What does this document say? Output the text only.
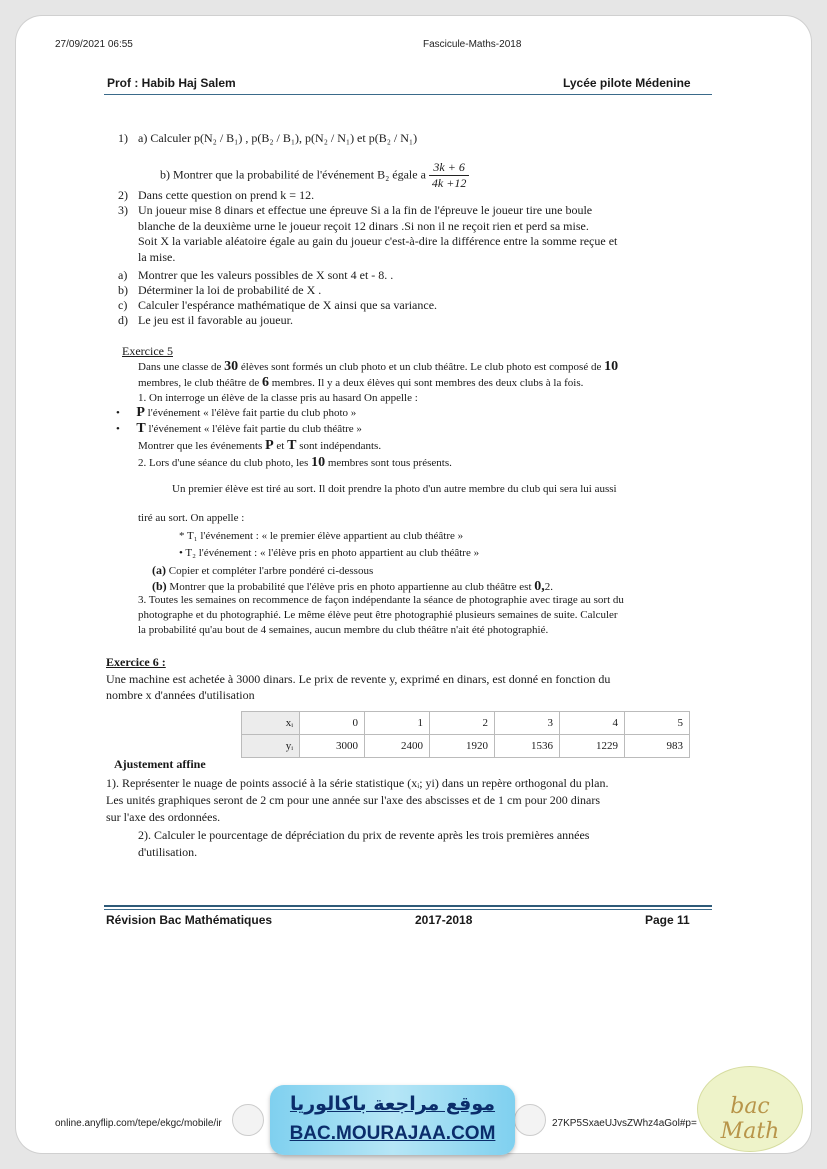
27/09/2021 06:55	Fascicule-Maths-2018
Prof : Habib Haj Salem	Lycée pilote Médenine
1) a) Calculer p(N₂ / B₁) , p(B₂ / B₁), p(N₂ / N₁) et p(B₂ / N₁)
b) Montrer que la probabilité de l'événement B₂ égale a $\frac{3k + 6}{4k +12}$
2) Dans cette question on prend k = 12.
3) Un joueur mise 8 dinars et effectue une épreuve Si a la fin de l'épreuve le joueur tire une boule
blanche de la deuxième urne le joueur reçoit 12 dinars .Si non il ne reçoit rien et perd sa mise.
Soit X la variable aléatoire égale au gain du joueur c'est-à-dire la différence entre la somme reçue et
la mise.
a) Montrer que les valeurs possibles de X sont 4 et - 8. .
b) Déterminer la loi de probabilité de X .
c) Calculer l'espérance mathématique de X ainsi que sa variance.
d) Le jeu est il favorable au joueur.
Exercice 5
Dans une classe de 30 élèves sont formés un club photo et un club théâtre. Le club photo est composé de 10
membres, le club théâtre de 6 membres. Il y a deux élèves qui sont membres des deux clubs à la fois.
1. On interroge un élève de la classe pris au hasard On appelle :
•      P l'événement « l'élève fait partie du club photo »
•      T l'événement « l'élève fait partie du club théâtre »
Montrer que les événements P et T sont indépendants.
2. Lors d'une séance du club photo, les 10 membres sont tous présents.
Un premier élève est tiré au sort. Il doit prendre la photo d'un autre membre du club qui sera lui aussi
tiré au sort. On appelle :
* T₁ l'événement : « le premier élève appartient au club théâtre »
• T₂ l'événement : « l'élève pris en photo appartient au club théâtre »
(a) Copier et compléter l'arbre pondéré ci-dessous
(b) Montrer que la probabilité que l'élève pris en photo appartienne au club théâtre est 0,2.
3. Toutes les semaines on recommence de façon indépendante la séance de photographie avec tirage au sort du
photographe et du photographié. Le même élève peut être photographié plusieurs semaines de suite. Calculer
la probabilité qu'au bout de 4 semaines, aucun membre du club théâtre n'ait été photographié.
Exercice 6 :
Une machine est achetée à 3000 dinars. Le prix de revente y, exprimé en dinars, est donné en fonction du
nombre x d'années d'utilisation
xᵢ	0	1	2	3	4	5
yᵢ	3000	2400	1920	1536	1229	983
Ajustement affine
1). Représenter le nuage de points associé à la série statistique (xᵢ; yi) dans un repère orthogonal du plan.
Les unités graphiques seront de 2 cm pour une année sur l'axe des abscisses et de 1 cm pour 200 dinars
sur l'axe des ordonnées.
2). Calculer le pourcentage de dépréciation du prix de revente après les trois premières années
d'utilisation.
Révision Bac Mathématiques	2017-2018	Page 11
online.anyflip.com/tepe/ekgc/mobile/ir	27KP5SxaeUJvsZWhz4aGol#p=
موقع مراجعة باكالوريا
BAC.MOURAJAA.COM
bac Math
